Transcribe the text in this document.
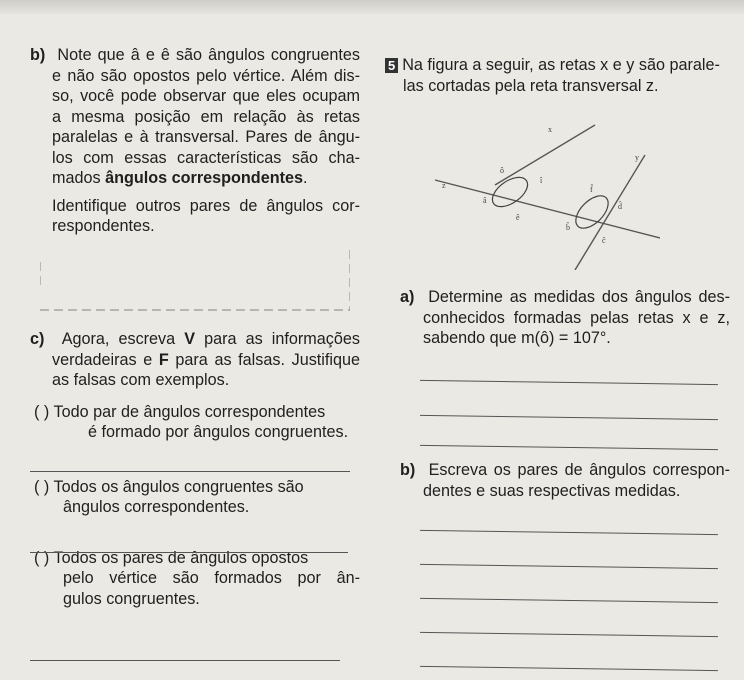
b) Note que â e ê são ângulos congruentes
e não são opostos pelo vértice. Além dis-
so, você pode observar que eles ocupam
a mesma posição em relação às retas
paralelas e à transversal. Pares de ângu-
los com essas características são cha-
mados ângulos correspondentes.
Identifique outros pares de ângulos cor-
respondentes.
c) Agora, escreva V para as informações
verdadeiras e F para as falsas. Justifique
as falsas com exemplos.
( ) Todo par de ângulos correspondentes
é formado por ângulos congruentes.
( ) Todos os ângulos congruentes são
ângulos correspondentes.
( ) Todos os pares de ângulos opostos
pelo vértice são formados por ân-
gulos congruentes.
5 Na figura a seguir, as retas x e y são parale-
las cortadas pela reta transversal z.
x
y
z
ô
î
â
ê
f̂
d̂
b̂
ĉ
a) Determine as medidas dos ângulos des-
conhecidos formadas pelas retas x e z,
sabendo que m(ô) = 107°.
b) Escreva os pares de ângulos correspon-
dentes e suas respectivas medidas.
